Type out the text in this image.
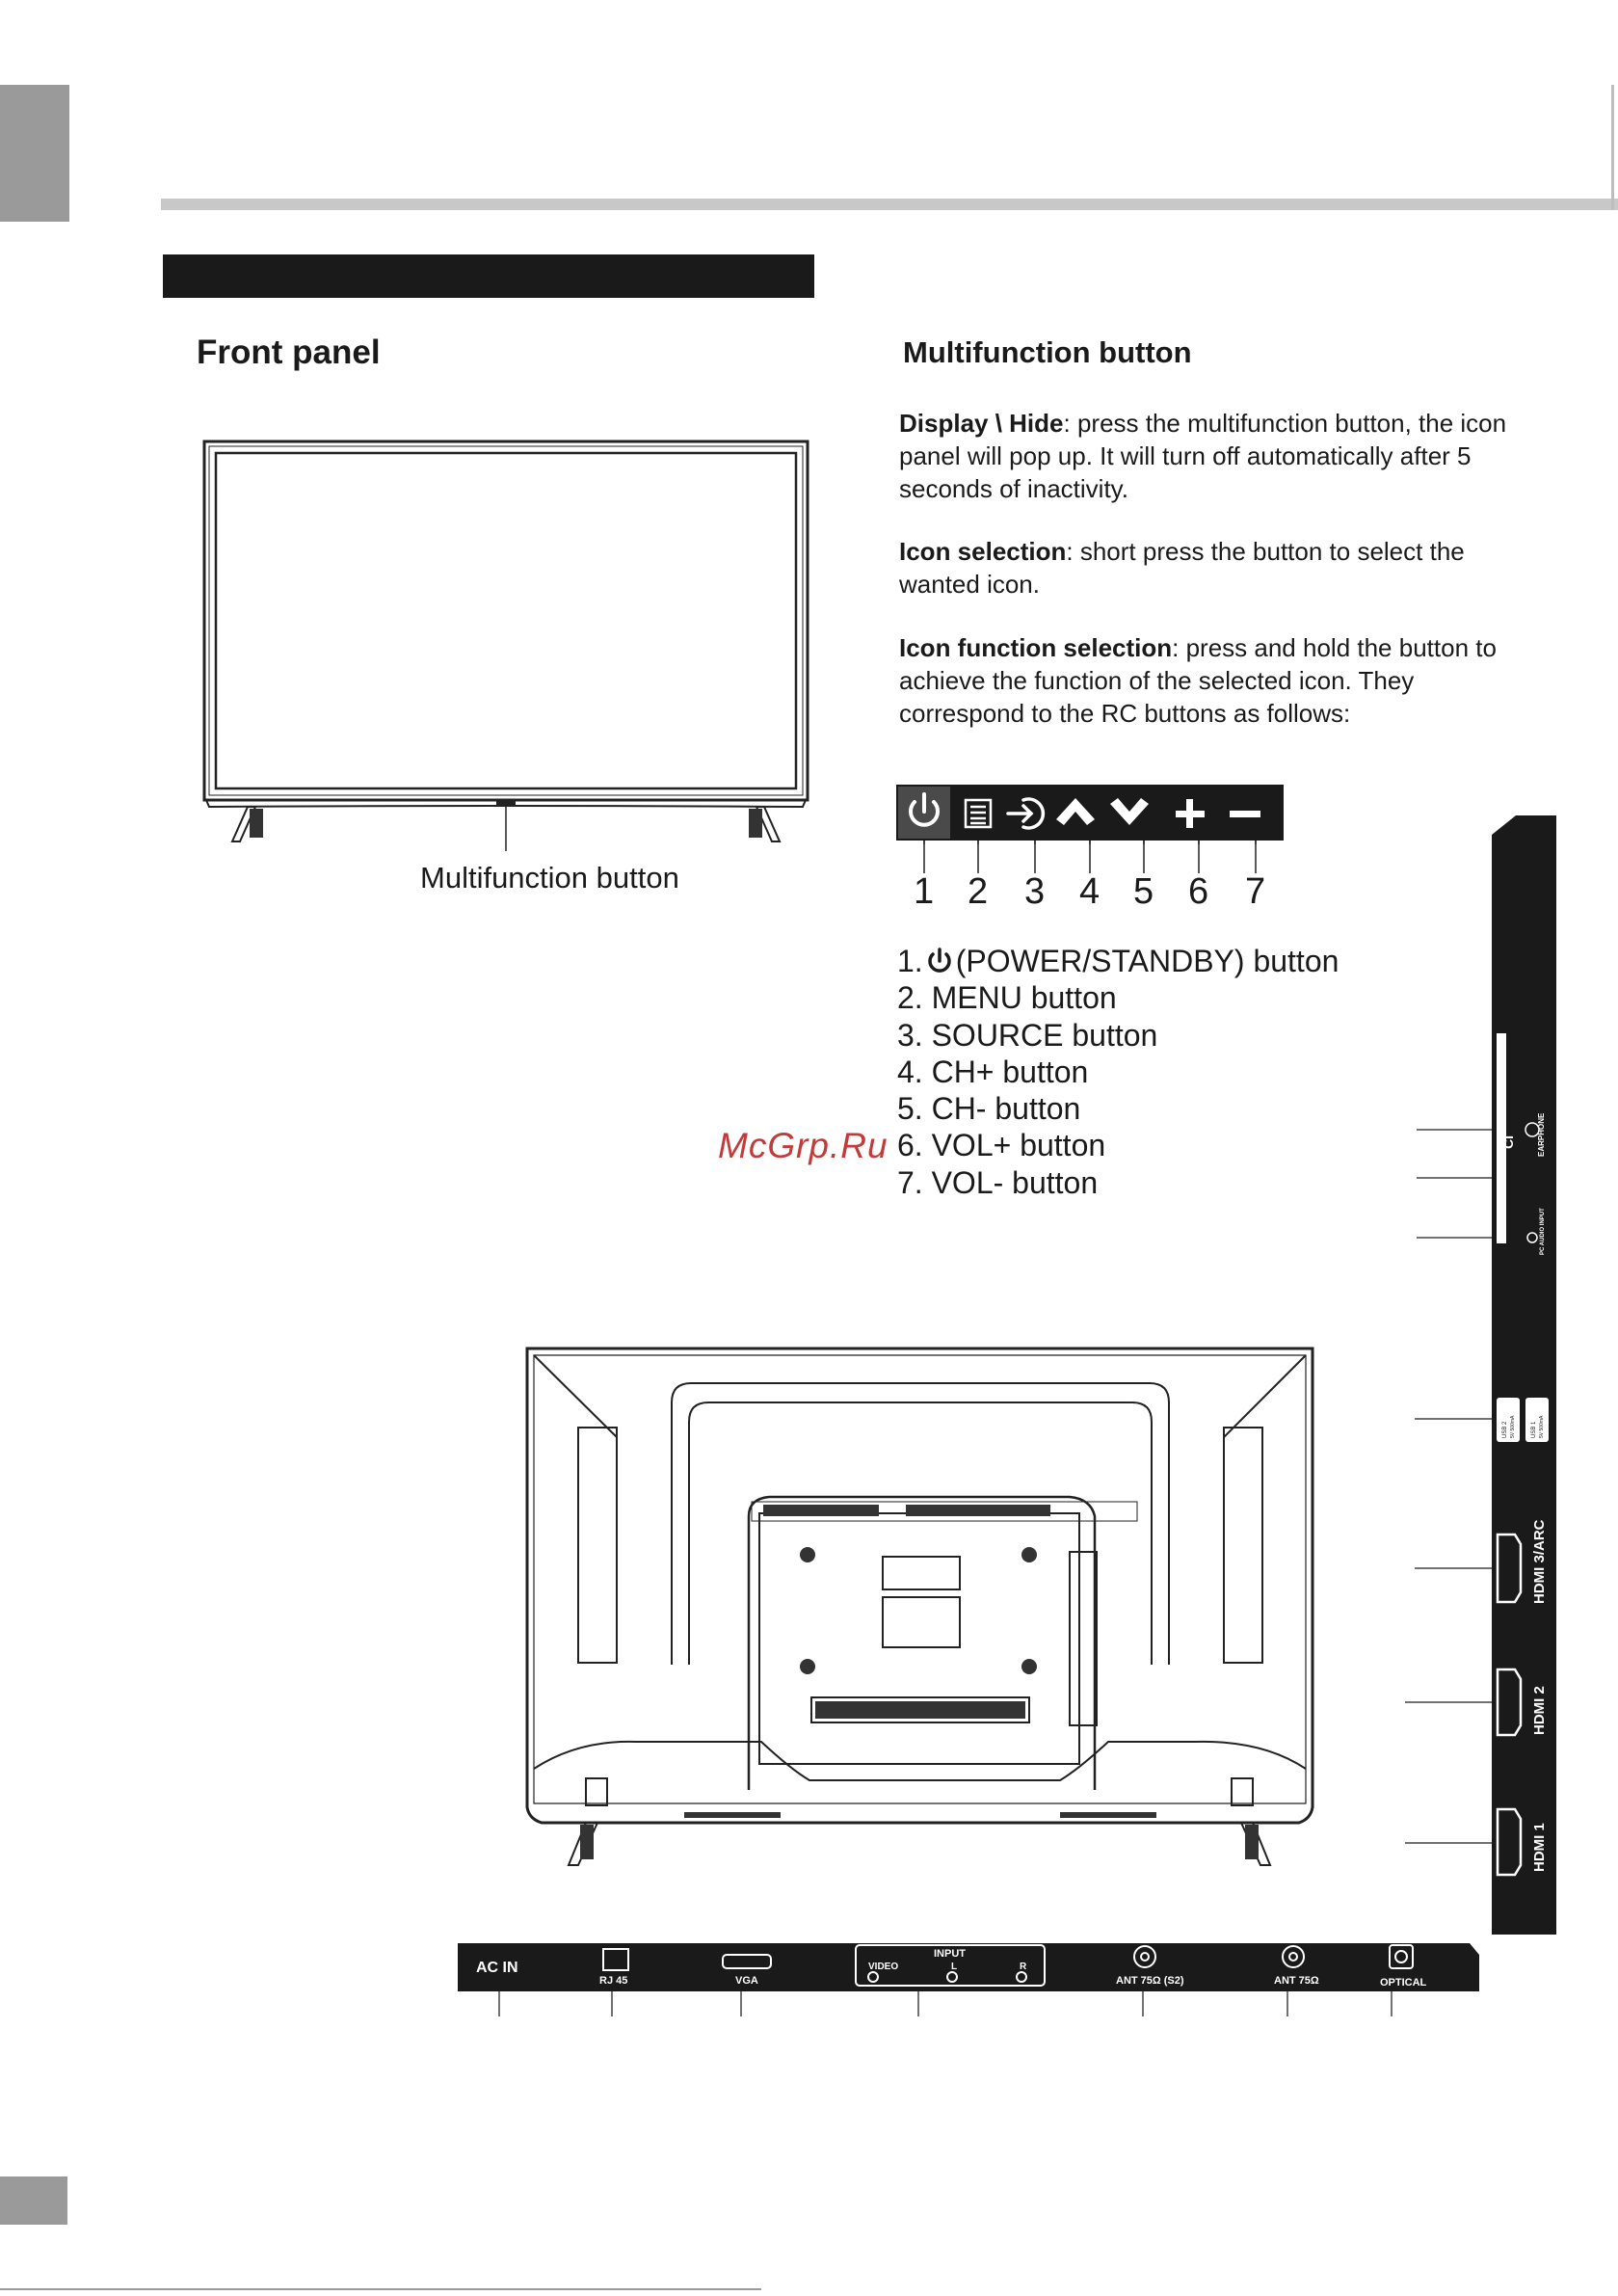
Front panel
Multifunction button
Multifunction button
Display \ Hide: press the multifunction button, the icon panel will pop up. It will turn off automatically after 5 seconds of inactivity.
Icon selection: short press the button to select the wanted icon.
Icon function selection: press and hold the button to achieve the function of the selected icon. They correspond to the RC buttons as follows:
1 2 3 4 5 6 7
1. (POWER/STANDBY) button
2. MENU button
3. SOURCE button
4. CH+ button
5. CH- button
6. VOL+ button
7. VOL- button
McGrp.Ru	CI	EARPHONE
PC AUDIO INPUT
HDMI 3/ARC
HDMI 2
HDMI 1
USB 2 5V 500mA	USB 1 5V 500mA
AC IN
RJ 45	VGA
INPUT
VIDEO	L	R
ANT 75Ω (S2)	ANT 75Ω	OPTICAL
